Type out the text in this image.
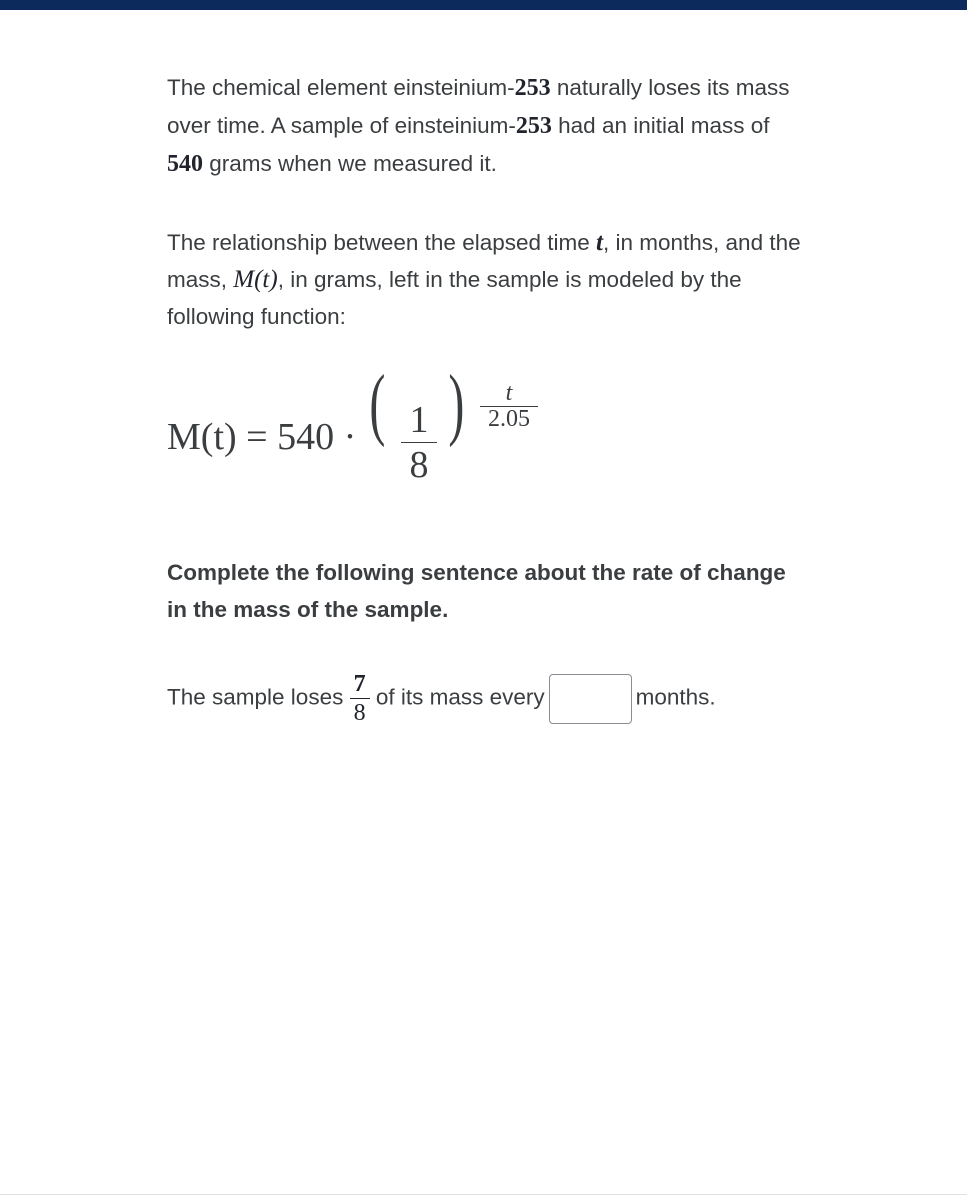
The chemical element einsteinium-253 naturally loses its mass over time. A sample of einsteinium-253 had an initial mass of 540 grams when we measured it.

The relationship between the elapsed time t, in months, and the mass, M(t), in grams, left in the sample is modeled by the following function:

M(t) = 540 · ( $\frac{1}{8}$ ) $\frac{t}{2.05}$

Complete the following sentence about the rate of change in the mass of the sample.

The sample loses $\frac{7}{8}$ of its mass every	months.
